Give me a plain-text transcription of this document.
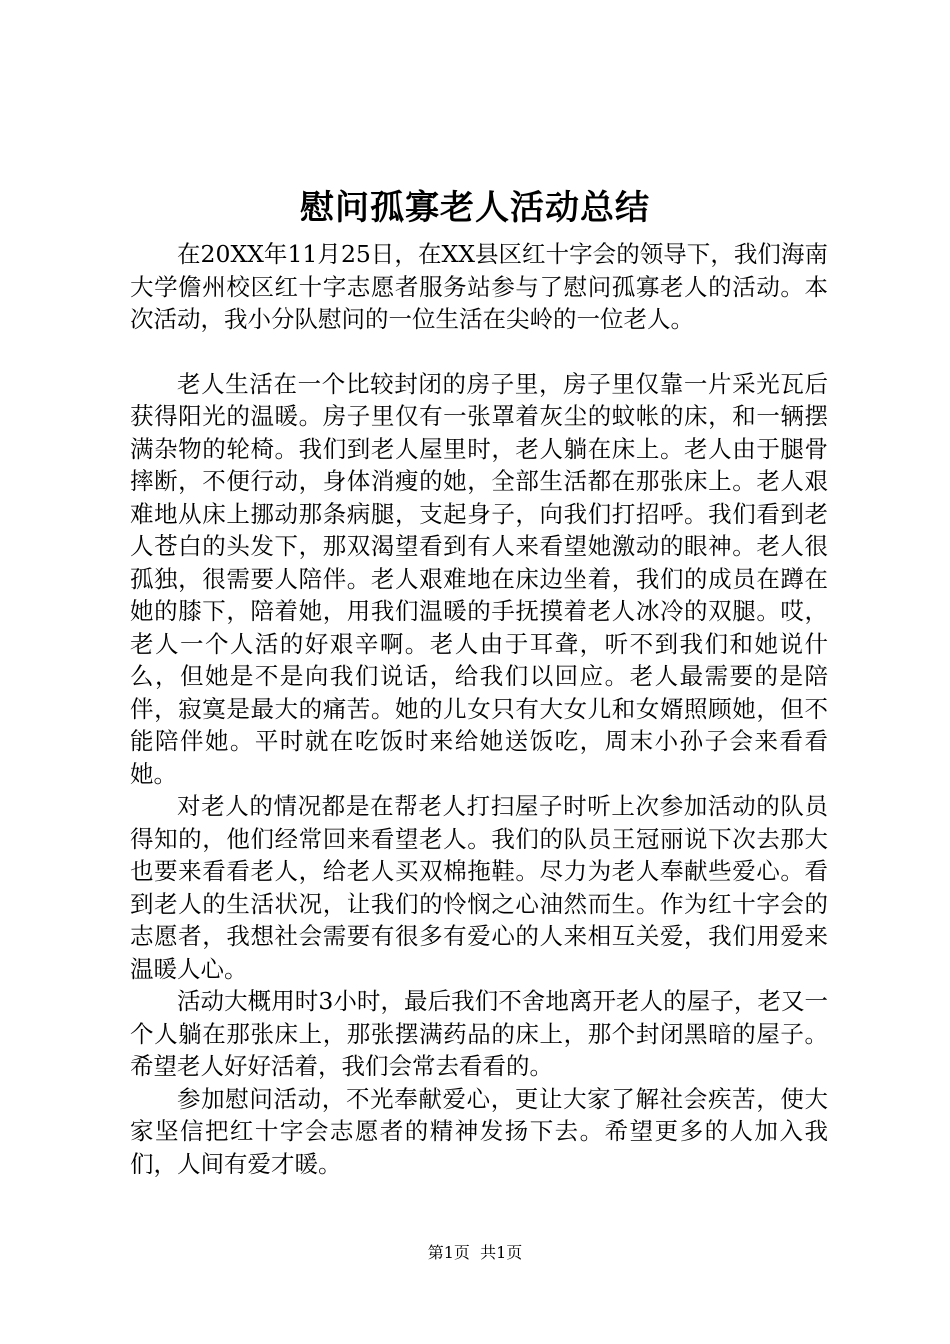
慰问孤寡老人活动总结

在20XX年11月25日，在XX县区红十字会的领导下，我们海南大学儋州校区红十字志愿者服务站参与了慰问孤寡老人的活动。本次活动，我小分队慰问的一位生活在尖岭的一位老人。

老人生活在一个比较封闭的房子里，房子里仅靠一片采光瓦后获得阳光的温暖。房子里仅有一张罩着灰尘的蚊帐的床，和一辆摆满杂物的轮椅。我们到老人屋里时，老人躺在床上。老人由于腿骨摔断，不便行动，身体消瘦的她，全部生活都在那张床上。老人艰难地从床上挪动那条病腿，支起身子，向我们打招呼。我们看到老人苍白的头发下，那双渴望看到有人来看望她激动的眼神。老人很孤独，很需要人陪伴。老人艰难地在床边坐着，我们的成员在蹲在她的膝下，陪着她，用我们温暖的手抚摸着老人冰冷的双腿。哎，老人一个人活的好艰辛啊。老人由于耳聋，听不到我们和她说什么，但她是不是向我们说话，给我们以回应。老人最需要的是陪伴，寂寞是最大的痛苦。她的儿女只有大女儿和女婿照顾她，但不能陪伴她。平时就在吃饭时来给她送饭吃，周末小孙子会来看看她。

对老人的情况都是在帮老人打扫屋子时听上次参加活动的队员得知的，他们经常回来看望老人。我们的队员王冠丽说下次去那大也要来看看老人，给老人买双棉拖鞋。尽力为老人奉献些爱心。看到老人的生活状况，让我们的怜悯之心油然而生。作为红十字会的志愿者，我想社会需要有很多有爱心的人来相互关爱，我们用爱来温暖人心。

活动大概用时3小时，最后我们不舍地离开老人的屋子，老又一个人躺在那张床上，那张摆满药品的床上，那个封闭黑暗的屋子。希望老人好好活着，我们会常去看看的。

参加慰问活动，不光奉献爱心，更让大家了解社会疾苦，使大家坚信把红十字会志愿者的精神发扬下去。希望更多的人加入我们，人间有爱才暖。

第1页 共1页
